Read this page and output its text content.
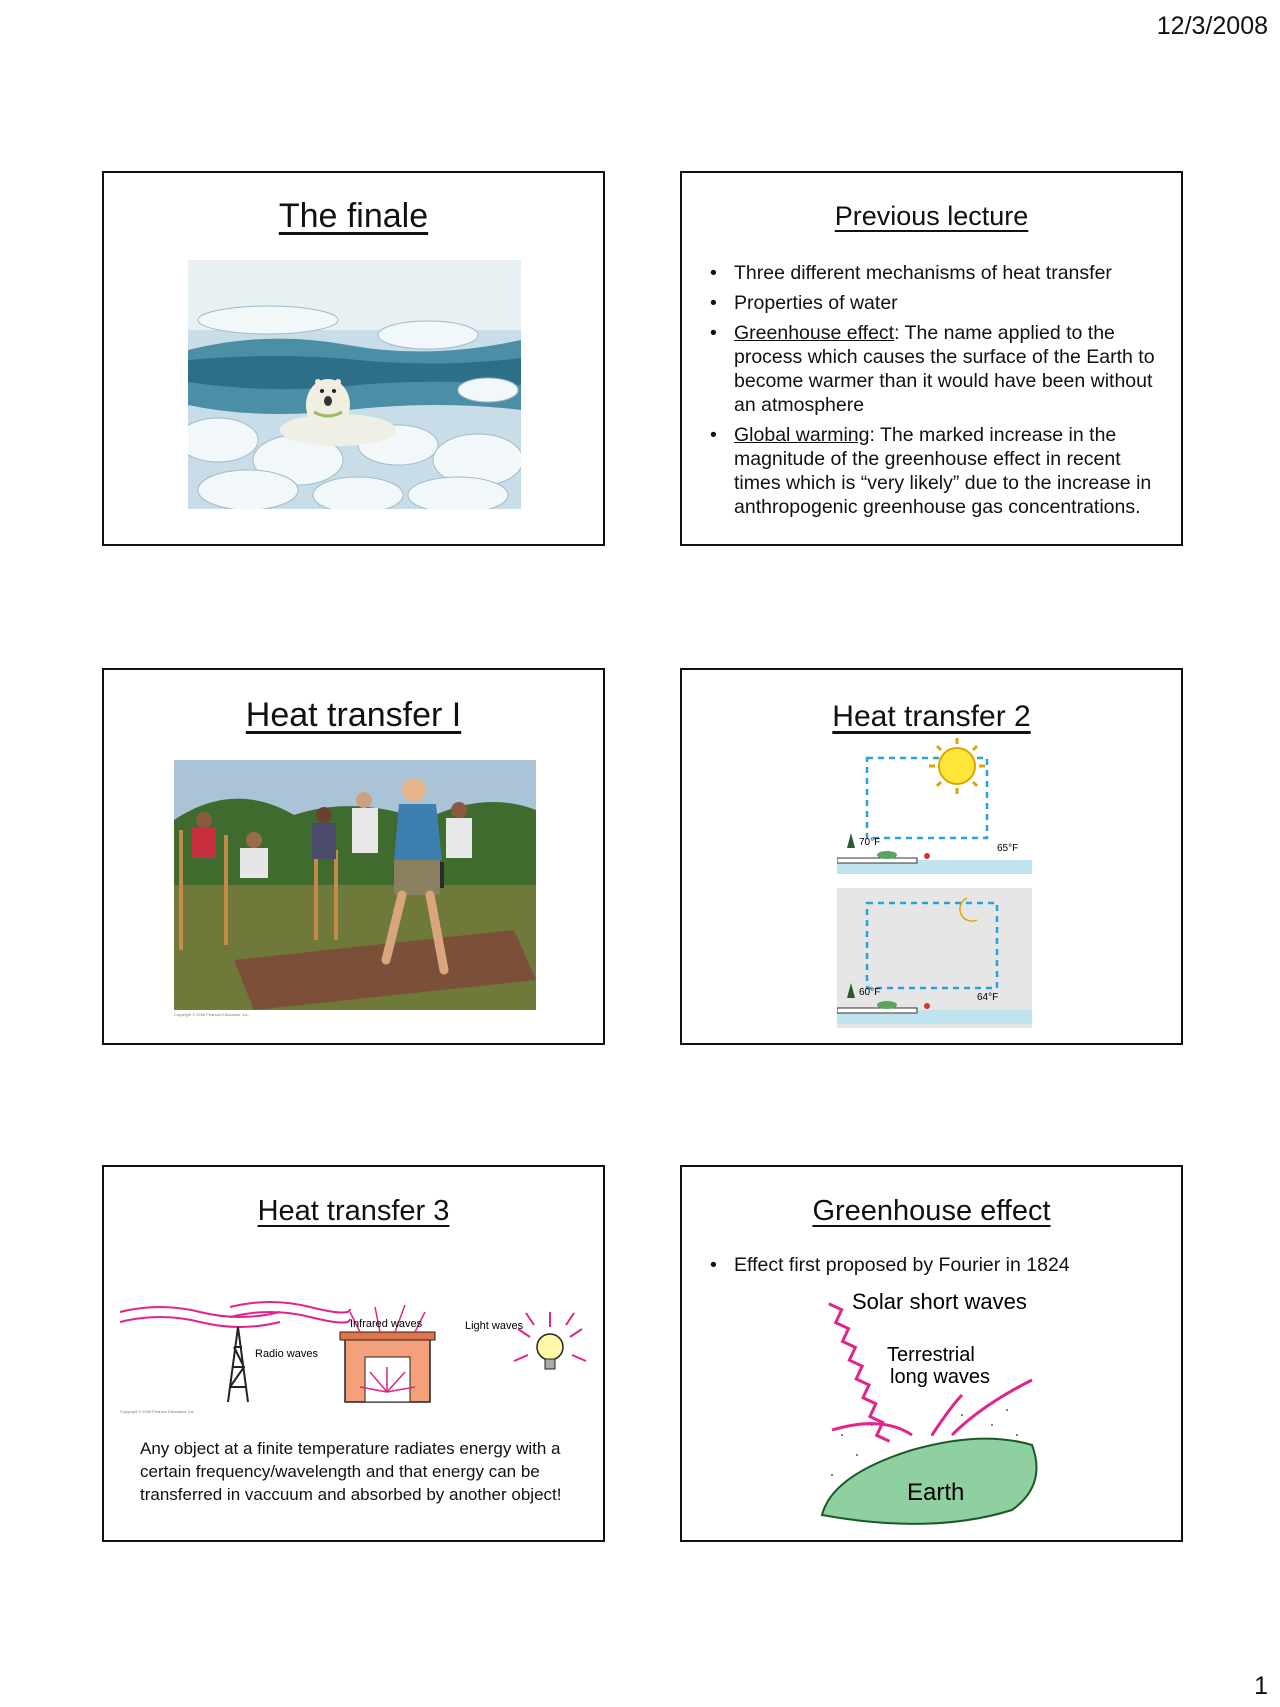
12/3/2008
The finale	Previous lecture
• Three different mechanisms of heat transfer
• Properties of water
• Greenhouse effect: The name applied to the process which causes the surface of the Earth to become warmer than it would have been without an atmosphere
• Global warming: The marked increase in the magnitude of the greenhouse effect in recent times which is “very likely” due to the increase in anthropogenic greenhouse gas concentrations.
Heat transfer I
Copyright © 2006 Pearson Education, Inc.
Heat transfer 2
70°F
65°F
60°F	64°F
Heat transfer 3
Radio waves
Infrared waves	Light waves
Copyright © 2006 Pearson Education, Inc.
Any object at a finite temperature radiates energy with a certain frequency/wavelength and that energy can be transferred in vaccuum and absorbed by another object!
Greenhouse effect
• Effect first proposed by Fourier in 1824
Solar short waves
Terrestrial
long waves
Earth
1
